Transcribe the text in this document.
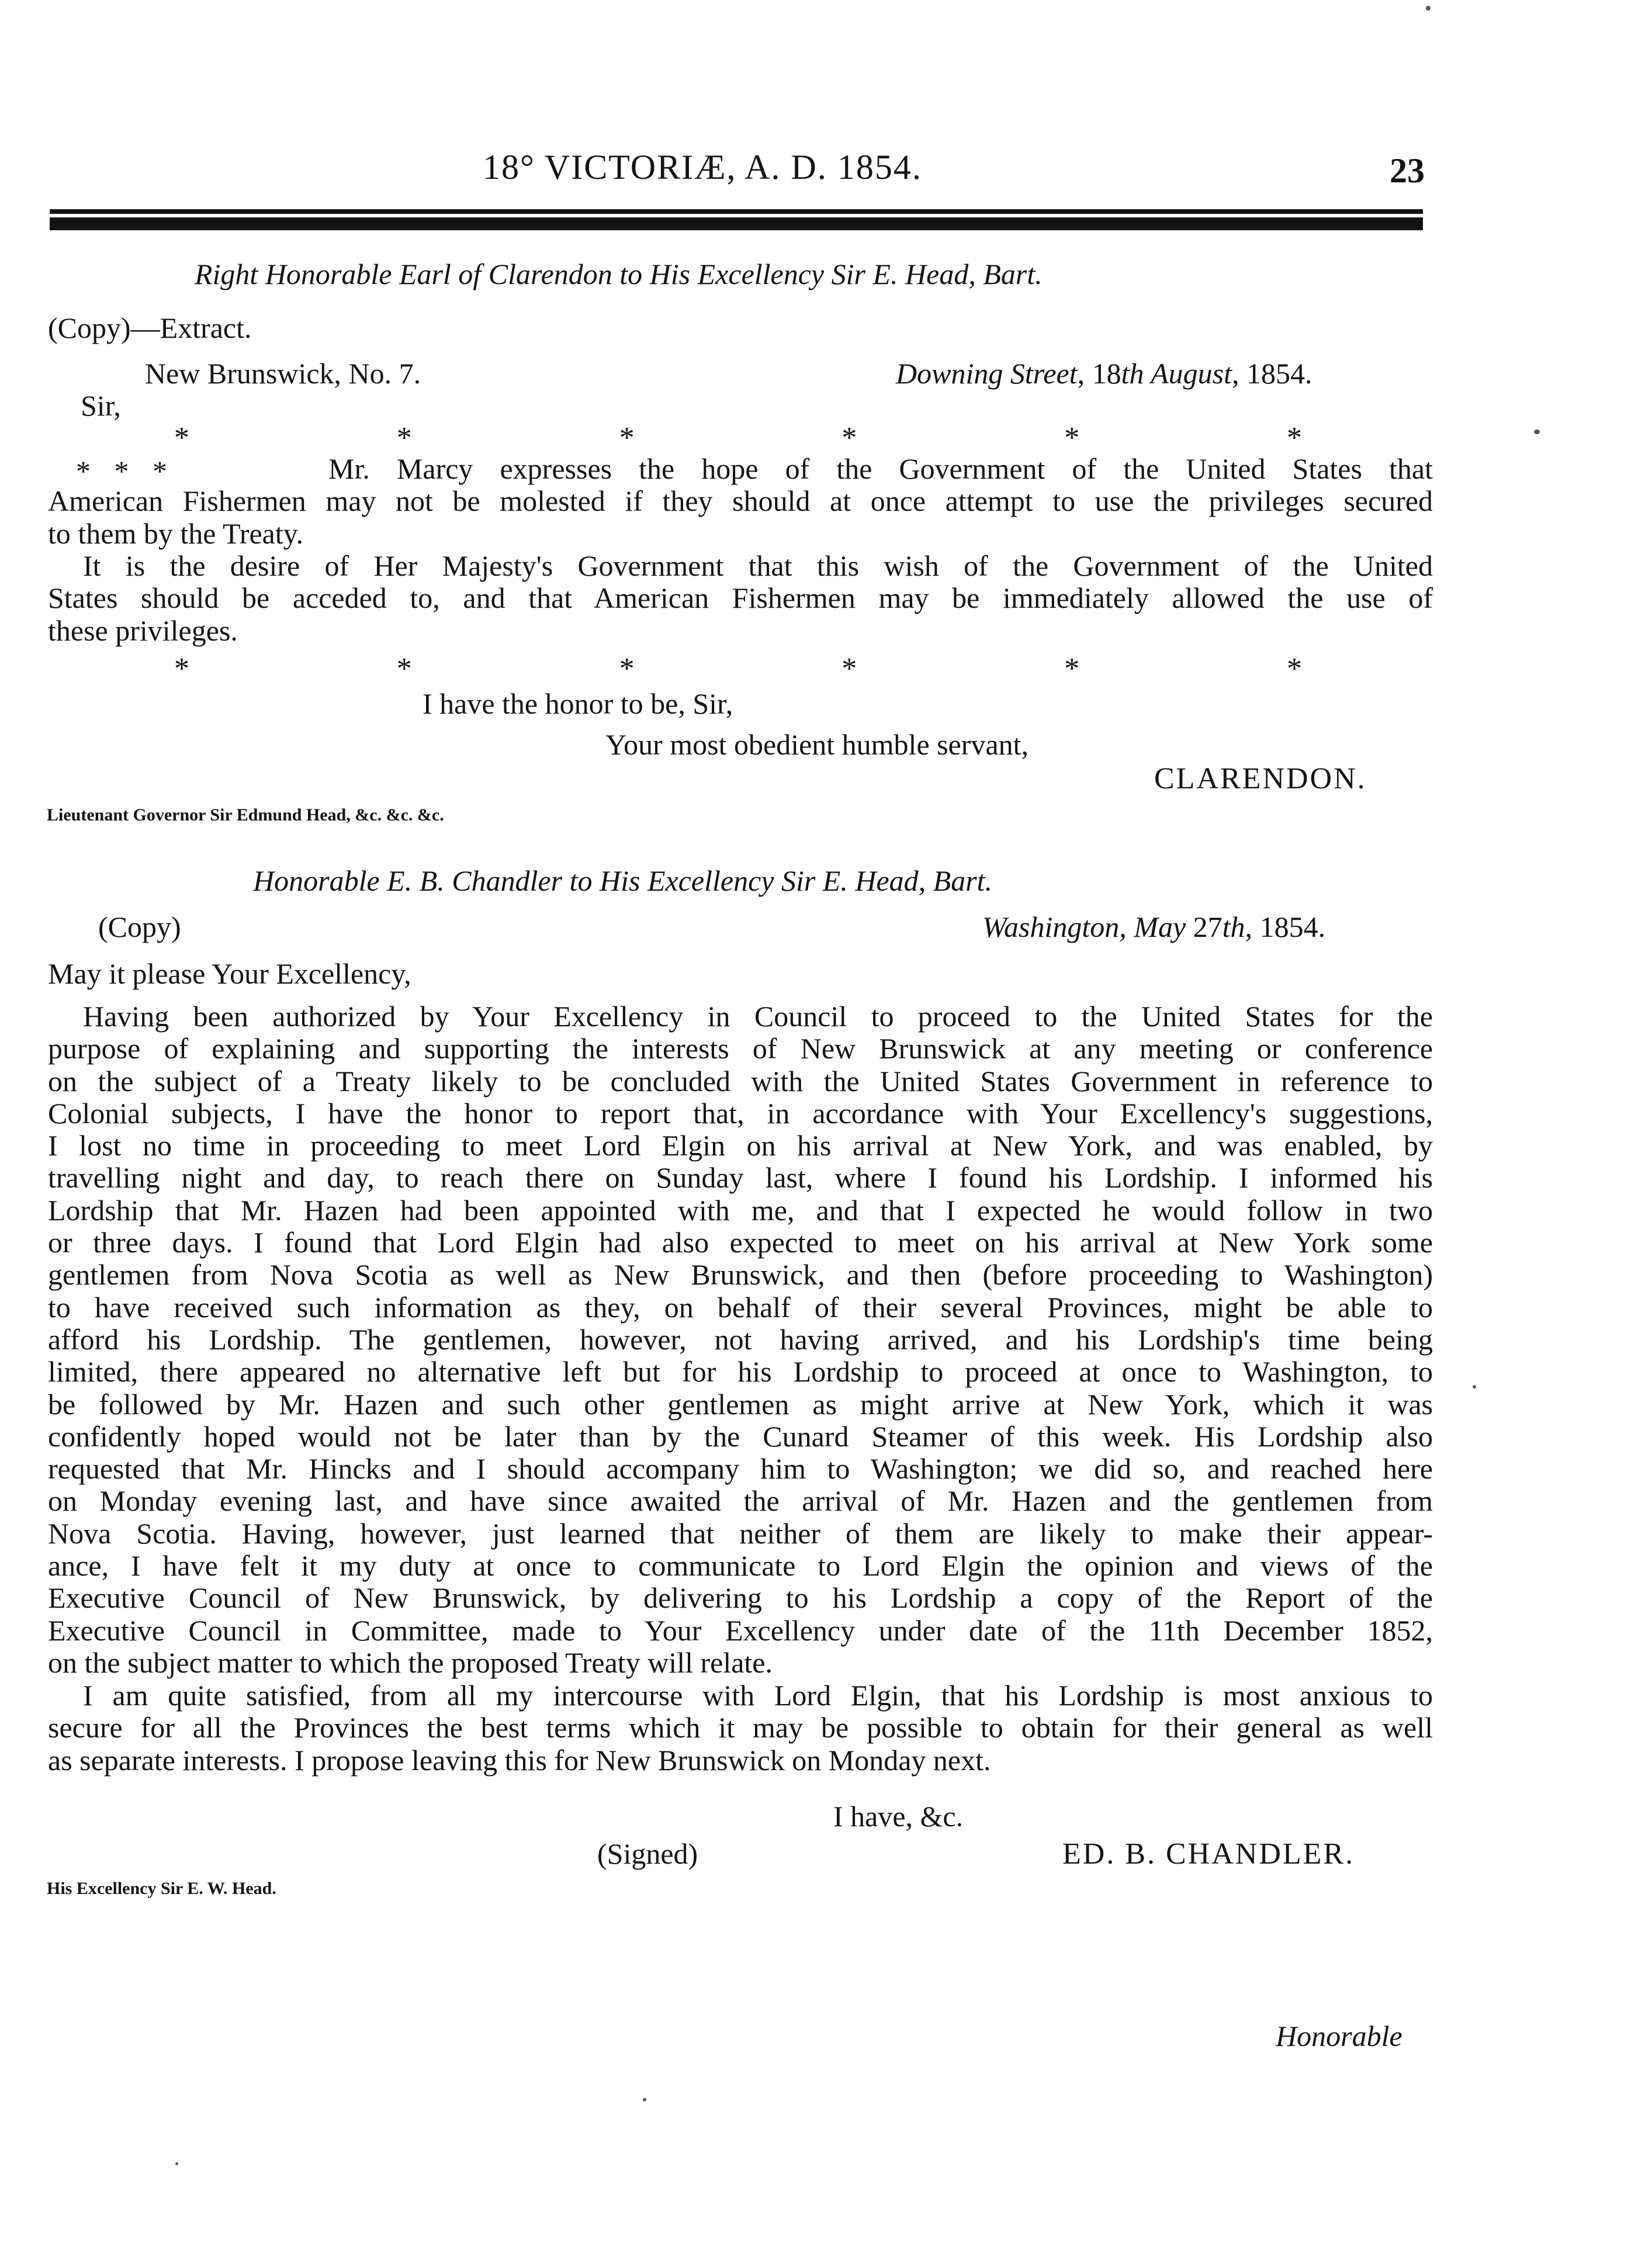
18° VICTORIÆ, A. D. 1854.	23
Right Honorable Earl of Clarendon to His Excellency Sir E. Head, Bart.
(Copy)—Extract.
New Brunswick, No. 7.	Downing Street, 18th August, 1854.
Sir,
*	*	*	*	*	*
* * *	Mr. Marcy expresses the hope of the Government of the United States that
American Fishermen may not be molested if they should at once attempt to use the privileges secured
to them by the Treaty.
It is the desire of Her Majesty's Government that this wish of the Government of the United
States should be acceded to, and that American Fishermen may be immediately allowed the use of
these privileges.
*	*	*	*	*	*
I have the honor to be, Sir,
Your most obedient humble servant,
CLARENDON.
Lieutenant Governor Sir Edmund Head, &c. &c. &c.
Honorable E. B. Chandler to His Excellency Sir E. Head, Bart.
(Copy)	Washington, May 27th, 1854.
May it please Your Excellency,
Having been authorized by Your Excellency in Council to proceed to the United States for the
purpose of explaining and supporting the interests of New Brunswick at any meeting or conference
on the subject of a Treaty likely to be concluded with the United States Government in reference to
Colonial subjects, I have the honor to report that, in accordance with Your Excellency's suggestions,
I lost no time in proceeding to meet Lord Elgin on his arrival at New York, and was enabled, by
travelling night and day, to reach there on Sunday last, where I found his Lordship. I informed his
Lordship that Mr. Hazen had been appointed with me, and that I expected he would follow in two
or three days. I found that Lord Elgin had also expected to meet on his arrival at New York some
gentlemen from Nova Scotia as well as New Brunswick, and then (before proceeding to Washington)
to have received such information as they, on behalf of their several Provinces, might be able to
afford his Lordship. The gentlemen, however, not having arrived, and his Lordship's time being
limited, there appeared no alternative left but for his Lordship to proceed at once to Washington, to
be followed by Mr. Hazen and such other gentlemen as might arrive at New York, which it was
confidently hoped would not be later than by the Cunard Steamer of this week. His Lordship also
requested that Mr. Hincks and I should accompany him to Washington; we did so, and reached here
on Monday evening last, and have since awaited the arrival of Mr. Hazen and the gentlemen from
Nova Scotia. Having, however, just learned that neither of them are likely to make their appear-
ance, I have felt it my duty at once to communicate to Lord Elgin the opinion and views of the
Executive Council of New Brunswick, by delivering to his Lordship a copy of the Report of the
Executive Council in Committee, made to Your Excellency under date of the 11th December 1852,
on the subject matter to which the proposed Treaty will relate.
I am quite satisfied, from all my intercourse with Lord Elgin, that his Lordship is most anxious to
secure for all the Provinces the best terms which it may be possible to obtain for their general as well
as separate interests. I propose leaving this for New Brunswick on Monday next.
I have, &c.
(Signed)	ED. B. CHANDLER.
His Excellency Sir E. W. Head.
Honorable
